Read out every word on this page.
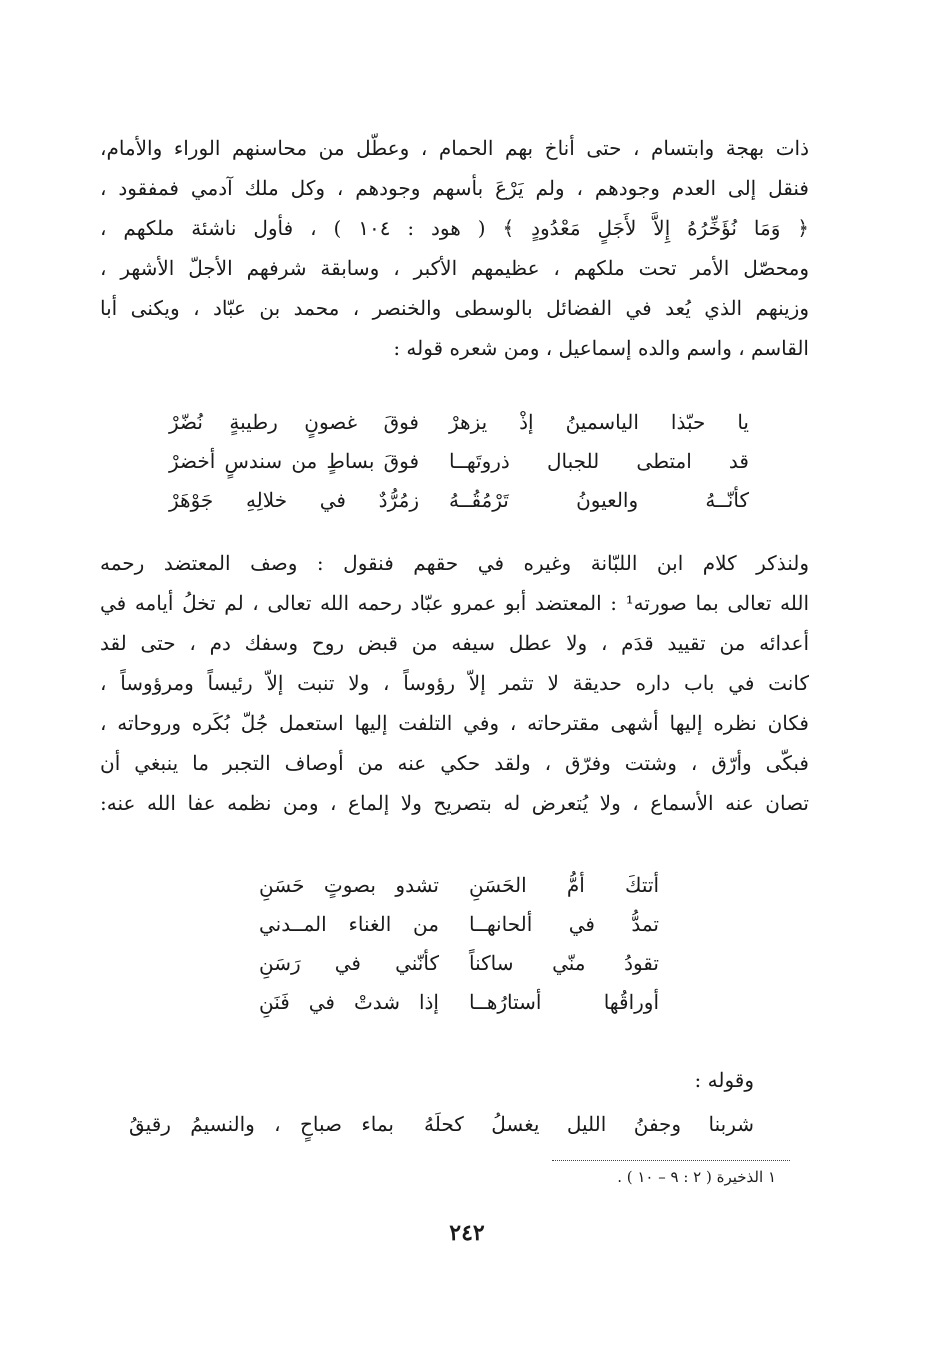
ذات بهجة وابتسام ، حتى أناخ بهم الحمام ، وعطّل من محاسنهم الوراء والأمام،
فنقل إلى العدم وجودهم ، ولم يَرْعَ بأسهم وجودهم ، وكل ملك آدمي فمفقود ،
﴿ وَمَا نُؤَخِّرُهُ إِلاَّ لأَجَلٍ مَعْدُودٍ ﴾ ( هود : ١٠٤ ) ، فأول ناشئة ملكهم ،
ومحصّل الأمر تحت ملكهم ، عظيمهم الأكبر ، وسابقة شرفهم الأجلّ الأشهر ،
وزينهم الذي يُعد في الفضائل بالوسطى والخنصر ، محمد بن عبّاد ، ويكنى أبا
القاسم ، واسم والده إسماعيل ، ومن شعره قوله :
يا حبّذا الياسمينُ إذْ يزهرْ
فوقَ غصونٍ رطيبةٍ نُضّرْ
قد امتطى للجبال ذروتَهــا
فوقَ بساطٍ من سندسٍ أخضرْ
كأنّــهُ والعيونُ تَرْمُقُــهُ
زمُرُّدٌ في خلالِهِ جَوْهَرْ
ولنذكر كلام ابن اللبّانة وغيره في حقهم فنقول : وصف المعتضد رحمه
الله تعالى بما صورته¹ : المعتضد أبو عمرو عبّاد رحمه الله تعالى ، لم تخلُ أيامه في
أعدائه من تقييد قدَم ، ولا عطل سيفه من قبض روح وسفك دم ، حتى لقد
كانت في باب داره حديقة لا تثمر إلاّ رؤوساً ، ولا تنبت إلاّ رئيساً ومرؤوساً ،
فكان نظره إليها أشهى مقترحاته ، وفي التلفت إليها استعمل جُلّ بُكَره وروحاته ،
فبكّى وأرّق ، وشتت وفرّق ، ولقد حكي عنه من أوصاف التجبر ما ينبغي أن
تصان عنه الأسماع ، ولا يُتعرض له بتصريح ولا إلماع ، ومن نظمه عفا الله عنه:
أتتكَ أمُّ الحَسَنِ
تشدو بصوتٍ حَسَنِ
تمدُّ في ألحانهــا
من الغناء المــدني
تقودُ منّي ساكناً
كأنّني في رَسَنِ
أوراقُها أستارُهــا
إذا شدتْ في فَنَنِ
وقوله :
شربنا وجفنُ الليل يغسلُ كحلَهُ
بماء صباحٍ ، والنسيمُ رقيقُ
١ الذخيرة ( ٢ : ٩ – ١٠ ) .
٢٤٢
